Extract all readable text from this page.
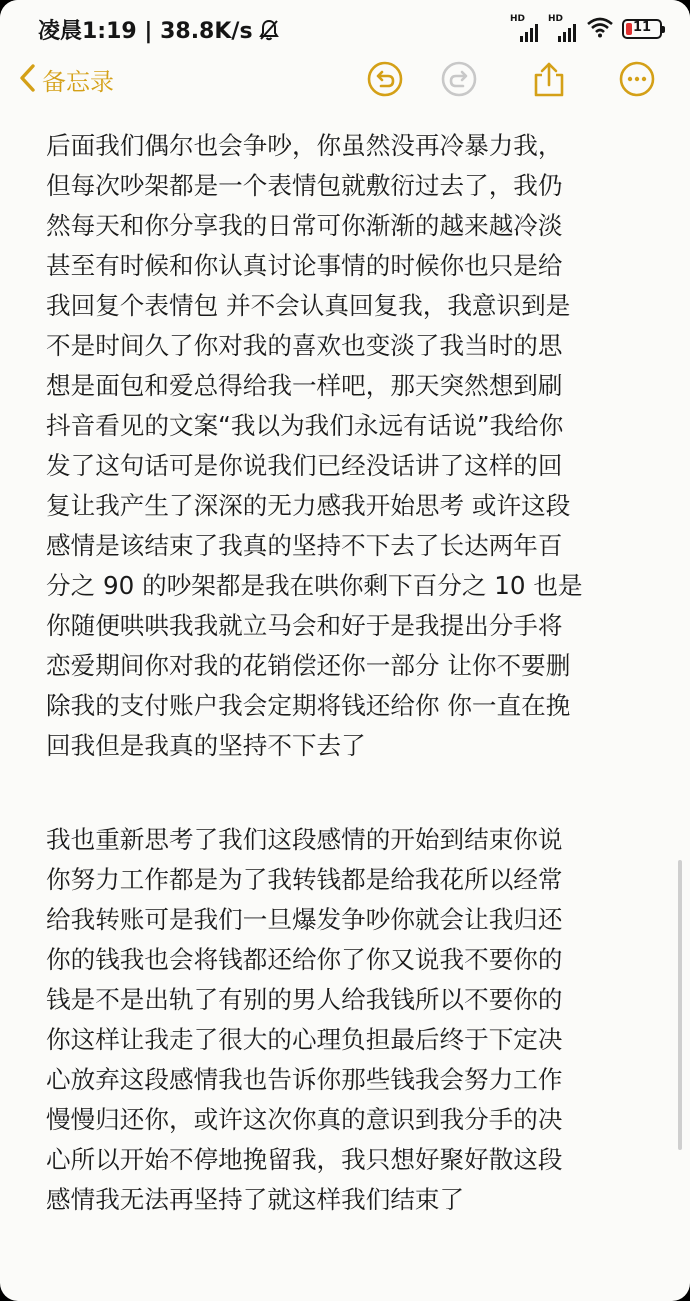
凌晨1:19 | 38.8K/s	HD	HD
11
备忘录
后面我们偶尔也会争吵，你虽然没再冷暴力我，
但每次吵架都是一个表情包就敷衍过去了，我仍
然每天和你分享我的日常可你渐渐的越来越冷淡
甚至有时候和你认真讨论事情的时候你也只是给
我回复个表情包 并不会认真回复我，我意识到是
不是时间久了你对我的喜欢也变淡了我当时的思
想是面包和爱总得给我一样吧，那天突然想到刷
抖音看见的文案“我以为我们永远有话说”我给你
发了这句话可是你说我们已经没话讲了这样的回
复让我产生了深深的无力感我开始思考 或许这段
感情是该结束了我真的坚持不下去了长达两年百
分之 90 的吵架都是我在哄你剩下百分之 10 也是
你随便哄哄我我就立马会和好于是我提出分手将
恋爱期间你对我的花销偿还你一部分 让你不要删
除我的支付账户我会定期将钱还给你 你一直在挽
回我但是我真的坚持不下去了
我也重新思考了我们这段感情的开始到结束你说
你努力工作都是为了我转钱都是给我花所以经常
给我转账可是我们一旦爆发争吵你就会让我归还
你的钱我也会将钱都还给你了你又说我不要你的
钱是不是出轨了有别的男人给我钱所以不要你的
你这样让我走了很大的心理负担最后终于下定决
心放弃这段感情我也告诉你那些钱我会努力工作
慢慢归还你，或许这次你真的意识到我分手的决
心所以开始不停地挽留我，我只想好聚好散这段
感情我无法再坚持了就这样我们结束了
